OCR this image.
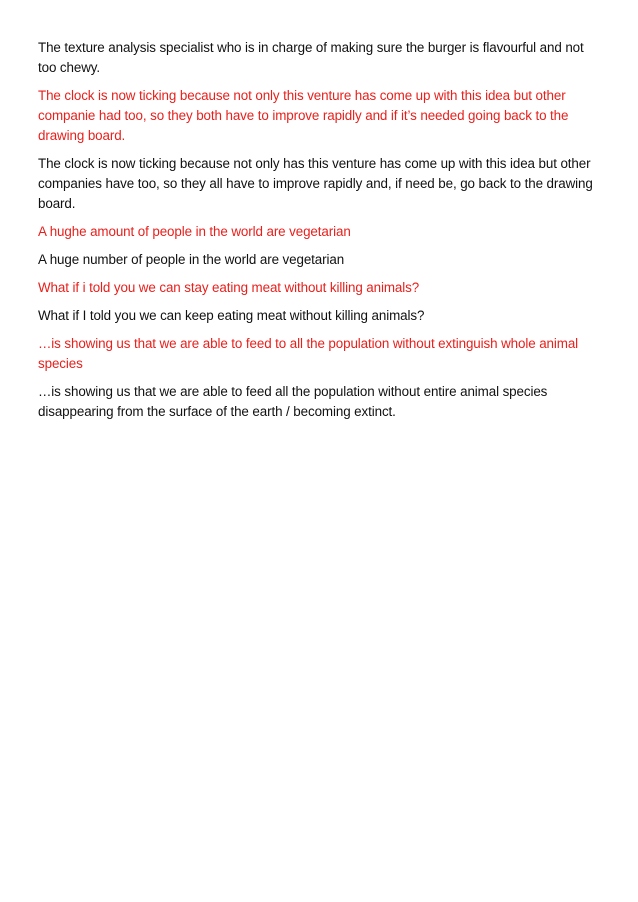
The texture analysis specialist who is in charge of making sure the burger is flavourful and not too chewy.

The clock is now ticking because not only this venture has come up with this idea but other companie had too, so they both have to improve rapidly and if it’s needed going back to the drawing board.

The clock is now ticking because not only has this venture has come up with this idea but other companies have too, so they all have to improve rapidly and, if need be, go back to the drawing board.

A hughe amount of people in the world are vegetarian

A huge number of people in the world are vegetarian

What if i told you we can stay eating meat without killing animals?

What if I told you we can keep eating meat without killing animals?

…is showing us that we are able to feed to all the population without extinguish whole animal species

…is showing us that we are able to feed all the population without entire animal species disappearing from the surface of the earth / becoming extinct.
